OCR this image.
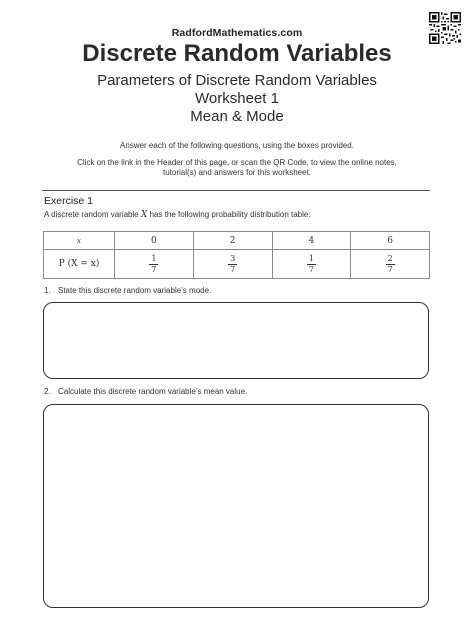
RadfordMathematics.com
Discrete Random Variables
Parameters of Discrete Random Variables
Worksheet 1
Mean & Mode
Answer each of the following questions, using the boxes provided.
Click on the link in the Header of this page, or scan the QR Code, to view the online notes,
tutorial(s) and answers for this worksheet.
Exercise 1
A discrete random variable X has the following probability distribution table:
x	0	2	4	6
P (X = x)	$\frac{1}{7}$	$\frac{3}{7}$	$\frac{1}{7}$	$\frac{2}{7}$
1. State this discrete random variable’s mode.
2. Calculate this discrete random variable’s mean value.
